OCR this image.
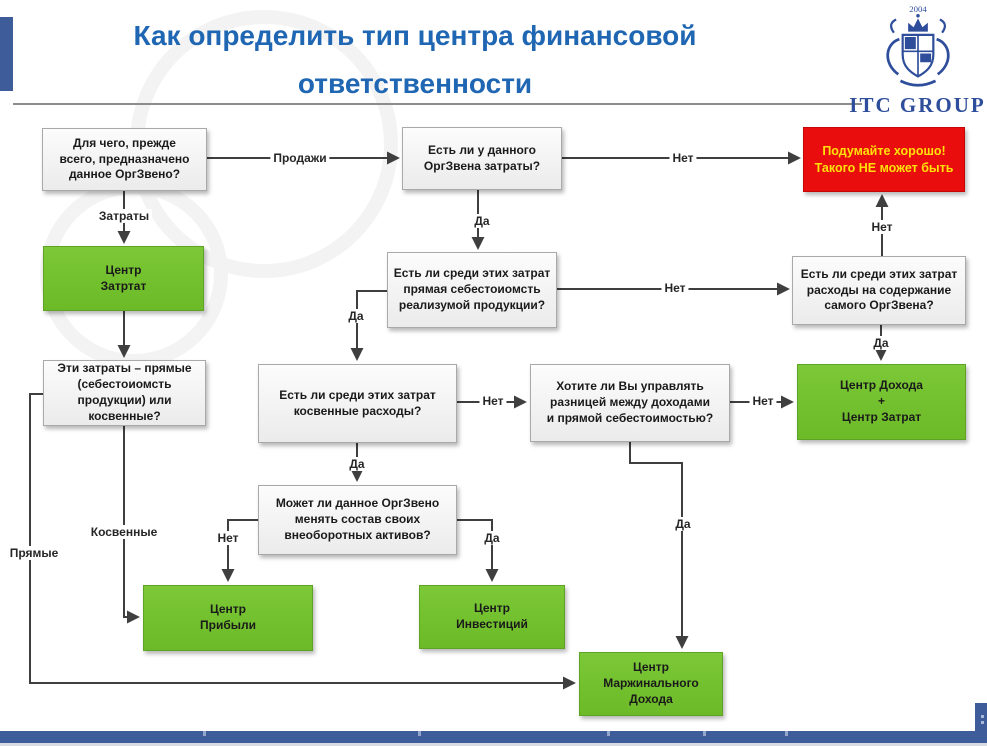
Как определить тип центра финансовой
ответственности
2004
ITC GROUP
Для чего, прежде
всего, предназначено
данное ОргЗвено?
Есть ли у данного
ОргЗвена затраты?
Подумайте хорошо!
Такого НЕ может быть
Центр
Затртат
Есть ли среди этих затрат
прямая себестоиомсть
реализумой продукции?
Есть ли среди этих затрат
расходы на содержание
самого ОргЗвена?
Эти затраты – прямые
(себестоиомсть
продукции) или
косвенные?
Есть ли среди этих затрат
косвенные расходы?
Хотите ли Вы управлять
разницей между доходами
и прямой себестоимостью?
Центр Дохода
+
Центр Затрат
Может ли данное ОргЗвено
менять состав своих
внеоборотных активов?
Центр
Прибыли
Центр
Инвестиций
Центр
Маржинального
Дохода
Продажи
Затраты
Нет
Да
Нет
Да
Нет
Да
Косвенные
Прямые
Нет	Нет
Да
Нет	Да
Да
